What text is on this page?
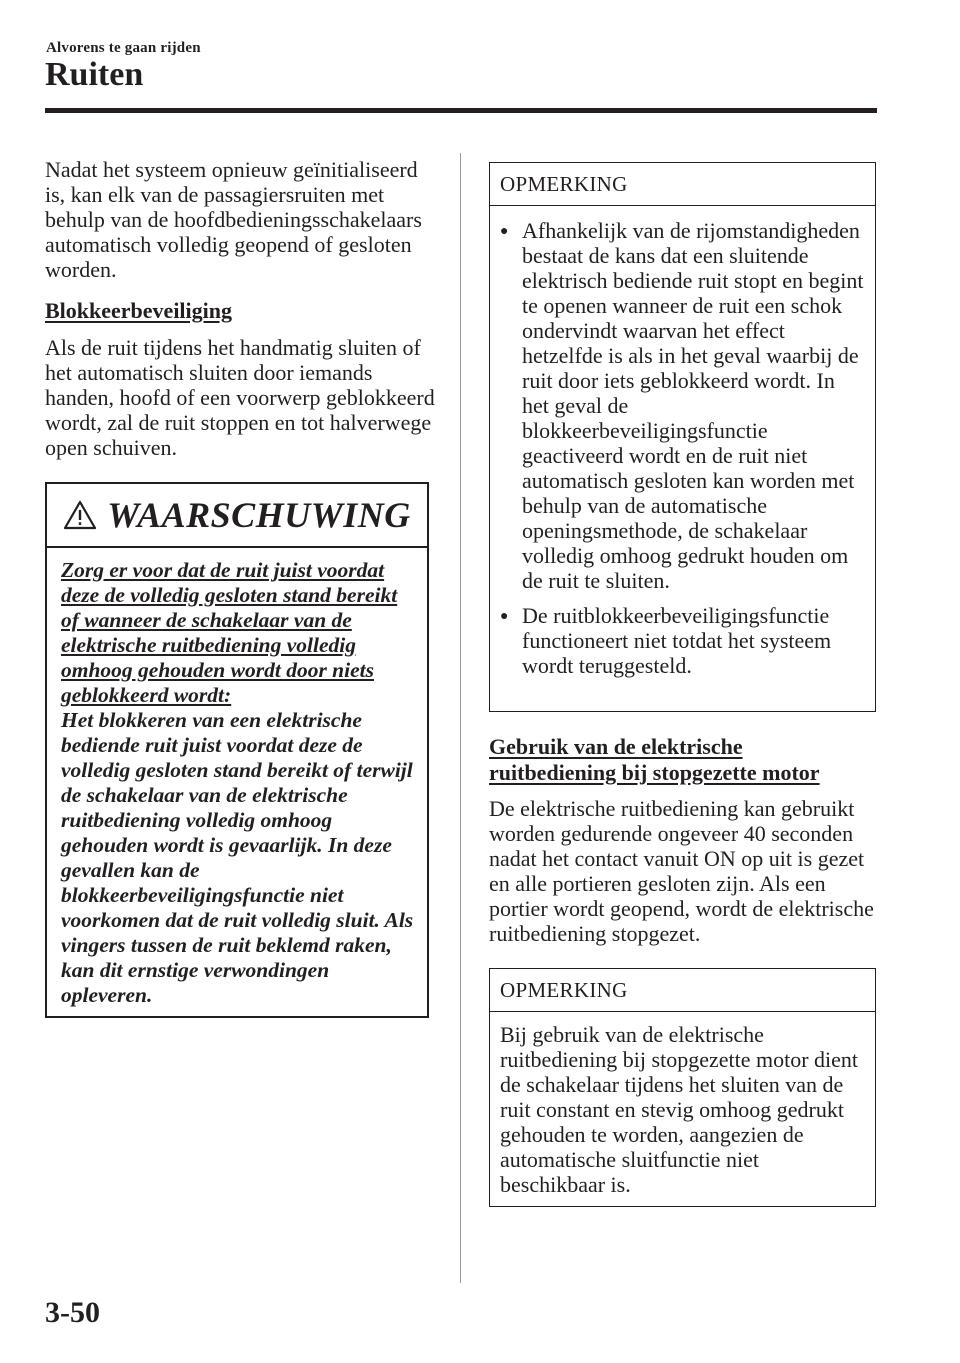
Alvorens te gaan rijden
Ruiten

Nadat het systeem opnieuw geïnitialiseerd is, kan elk van de passagiersruiten met behulp van de hoofdbedieningsschakelaars automatisch volledig geopend of gesloten worden.

Blokkeerbeveiliging

Als de ruit tijdens het handmatig sluiten of het automatisch sluiten door iemands handen, hoofd of een voorwerp geblokkeerd wordt, zal de ruit stoppen en tot halverwege open schuiven.

WAARSCHUWING
Zorg er voor dat de ruit juist voordat deze de volledig gesloten stand bereikt of wanneer de schakelaar van de elektrische ruitbediening volledig omhoog gehouden wordt door niets geblokkeerd wordt:
Het blokkeren van een elektrische bediende ruit juist voordat deze de volledig gesloten stand bereikt of terwijl de schakelaar van de elektrische ruitbediening volledig omhoog gehouden wordt is gevaarlijk. In deze gevallen kan de blokkeerbeveiligingsfunctie niet voorkomen dat de ruit volledig sluit. Als vingers tussen de ruit beklemd raken, kan dit ernstige verwondingen opleveren.
OPMERKING
● Afhankelijk van de rijomstandigheden bestaat de kans dat een sluitende elektrisch bediende ruit stopt en begint te openen wanneer de ruit een schok ondervindt waarvan het effect hetzelfde is als in het geval waarbij de ruit door iets geblokkeerd wordt. In het geval de blokkeerbeveiligingsfunctie geactiveerd wordt en de ruit niet automatisch gesloten kan worden met behulp van de automatische openingsmethode, de schakelaar volledig omhoog gedrukt houden om de ruit te sluiten.
● De ruitblokkeerbeveiligingsfunctie functioneert niet totdat het systeem wordt teruggesteld.

Gebruik van de elektrische

ruitbediening bij stopgezette motor

De elektrische ruitbediening kan gebruikt worden gedurende ongeveer 40 seconden nadat het contact vanuit ON op uit is gezet en alle portieren gesloten zijn. Als een portier wordt geopend, wordt de elektrische ruitbediening stopgezet.

OPMERKING
Bij gebruik van de elektrische ruitbediening bij stopgezette motor dient de schakelaar tijdens het sluiten van de ruit constant en stevig omhoog gedrukt gehouden te worden, aangezien de automatische sluitfunctie niet beschikbaar is.
3-50
